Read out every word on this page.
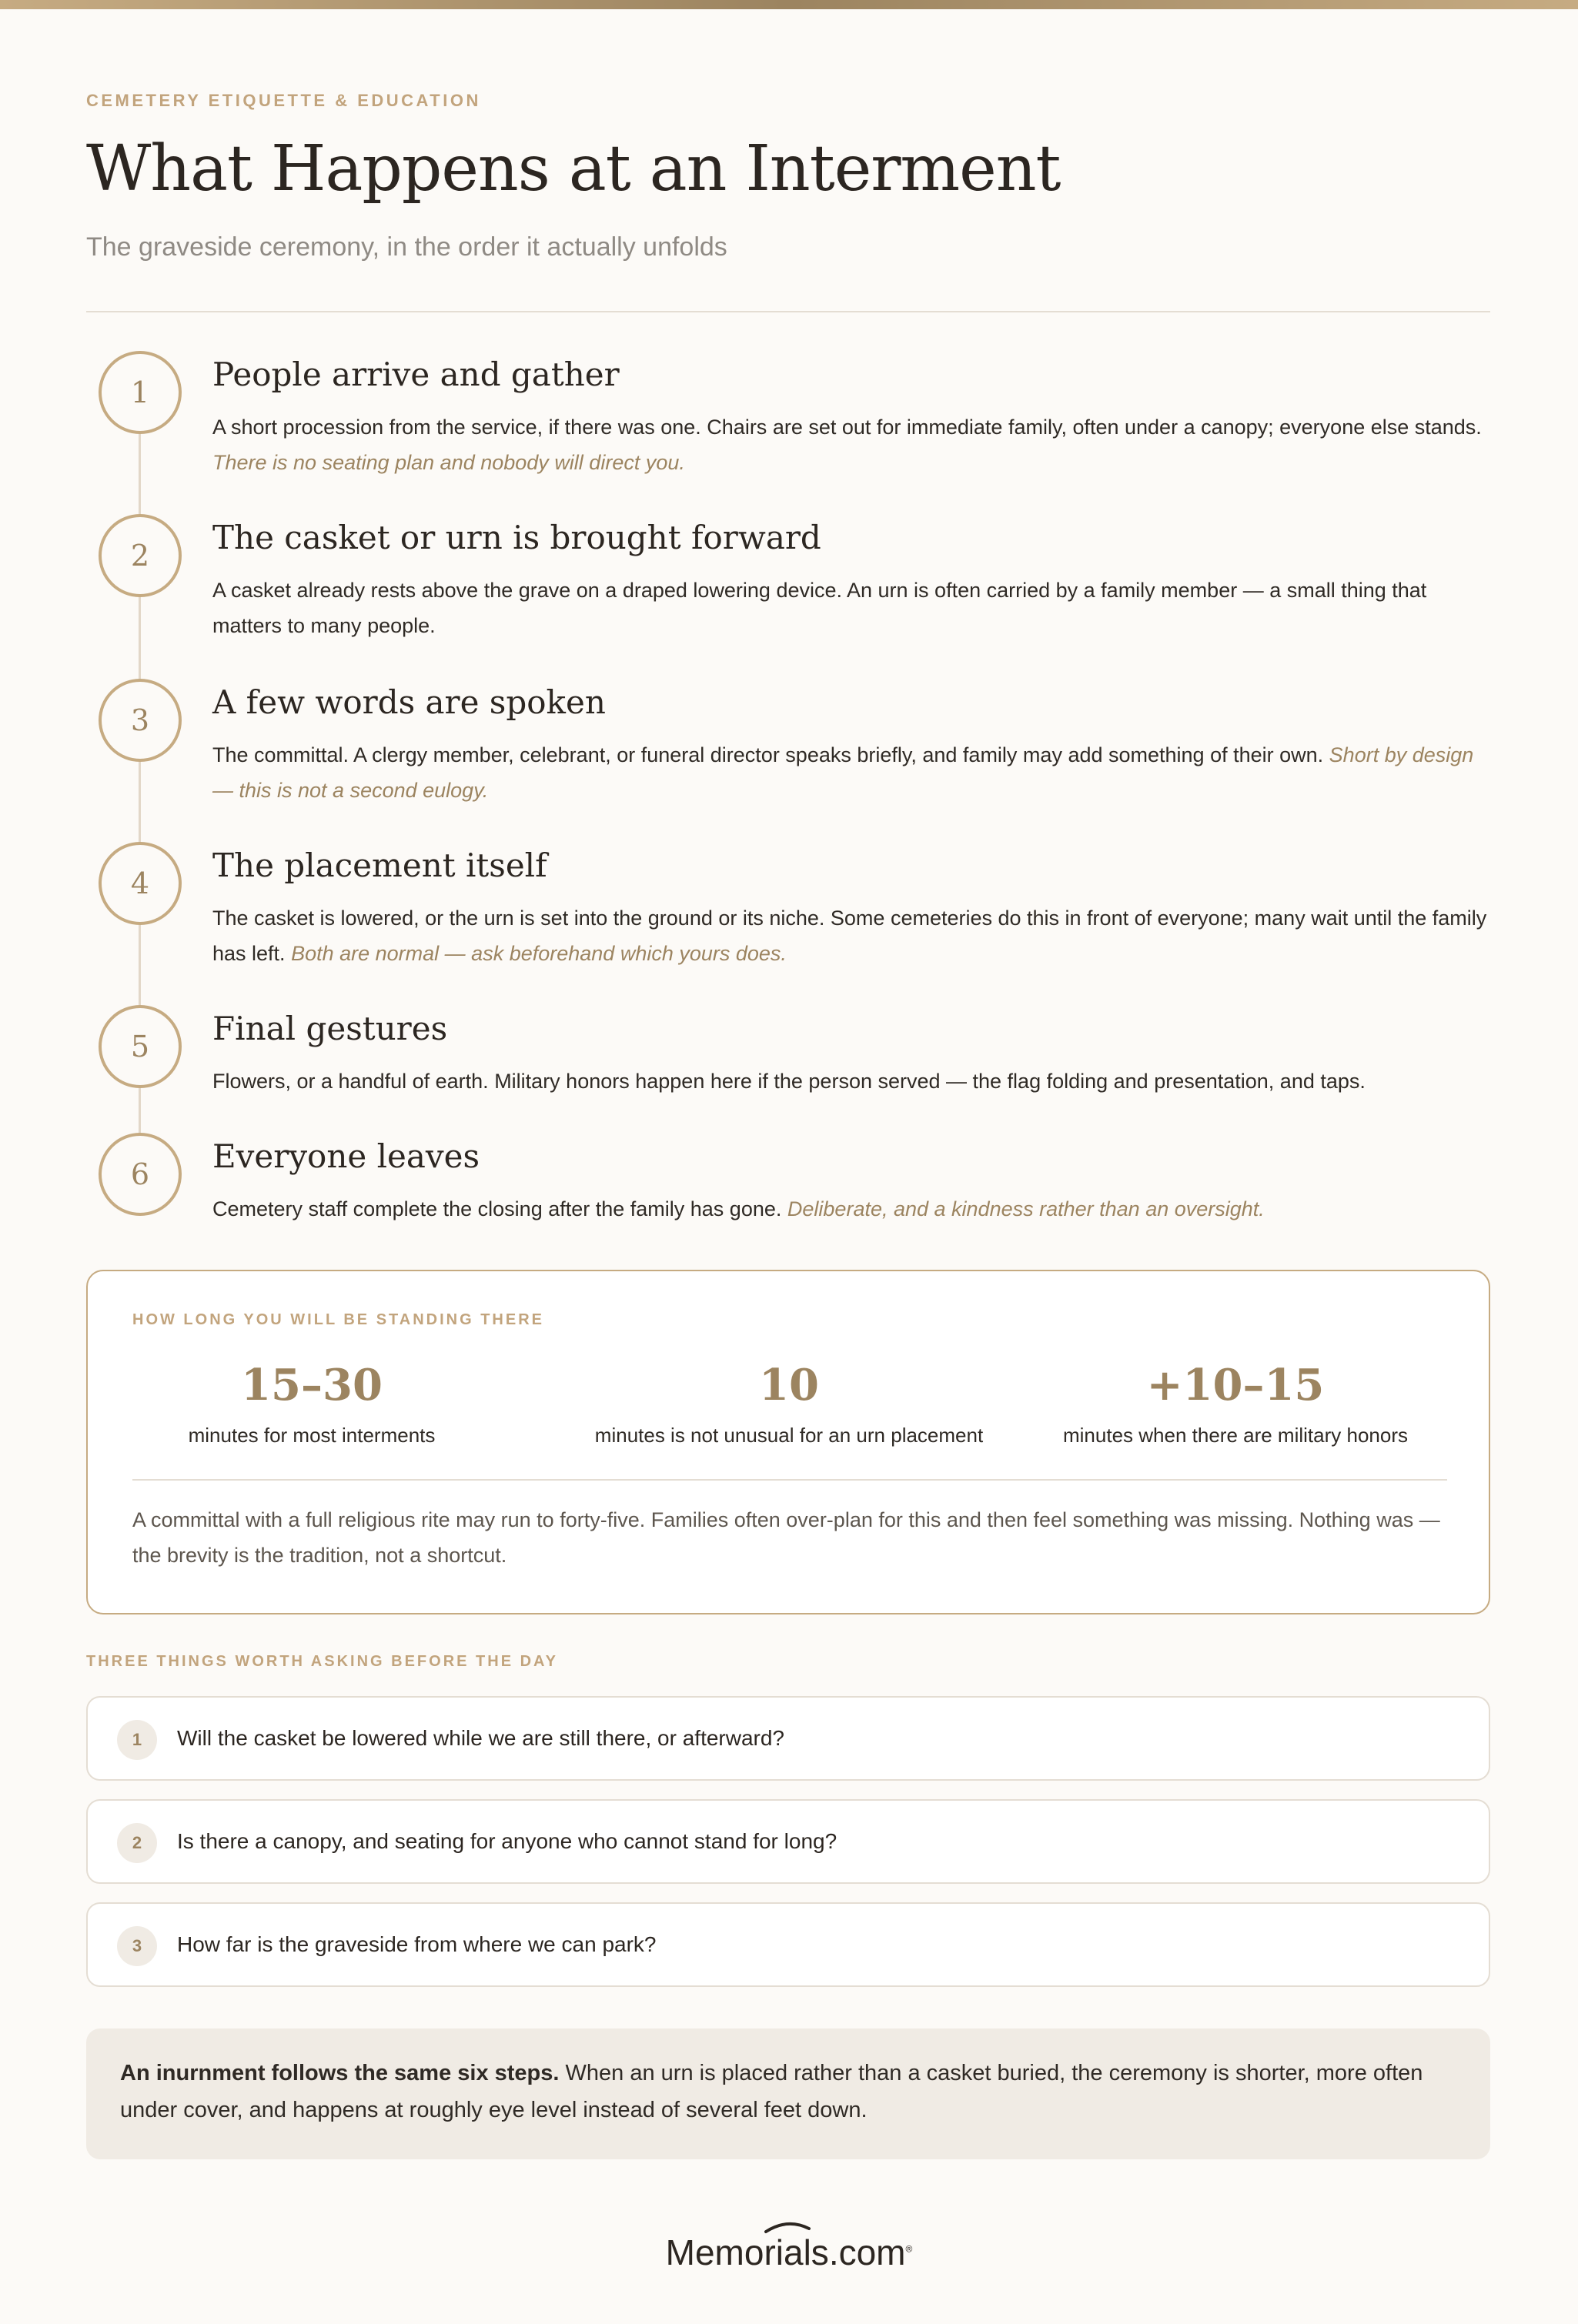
CEMETERY ETIQUETTE & EDUCATION
What Happens at an Interment
The graveside ceremony, in the order it actually unfolds
1	People arrive and gather
A short procession from the service, if there was one. Chairs are set out for immediate family, often under a canopy; everyone else stands. There is no seating plan and nobody will direct you.
2	The casket or urn is brought forward
A casket already rests above the grave on a draped lowering device. An urn is often carried by a family member — a small thing that matters to many people.
3	A few words are spoken
The committal. A clergy member, celebrant, or funeral director speaks briefly, and family may add something of their own. Short by design — this is not a second eulogy.
4	The placement itself
The casket is lowered, or the urn is set into the ground or its niche. Some cemeteries do this in front of everyone; many wait until the family has left. Both are normal — ask beforehand which yours does.
5	Final gestures
Flowers, or a handful of earth. Military honors happen here if the person served — the flag folding and presentation, and taps.
6	Everyone leaves
Cemetery staff complete the closing after the family has gone. Deliberate, and a kindness rather than an oversight.
HOW LONG YOU WILL BE STANDING THERE
15–30
minutes for most interments
10
minutes is not unusual for an urn placement
+10–15
minutes when there are military honors
A committal with a full religious rite may run to forty-five. Families often over-plan for this and then feel something was missing. Nothing was — the brevity is the tradition, not a shortcut.
THREE THINGS WORTH ASKING BEFORE THE DAY
1	Will the casket be lowered while we are still there, or afterward?
2	Is there a canopy, and seating for anyone who cannot stand for long?
3	How far is the graveside from where we can park?
An inurnment follows the same six steps. When an urn is placed rather than a casket buried, the ceremony is shorter, more often under cover, and happens at roughly eye level instead of several feet down.
Memorials.com®
